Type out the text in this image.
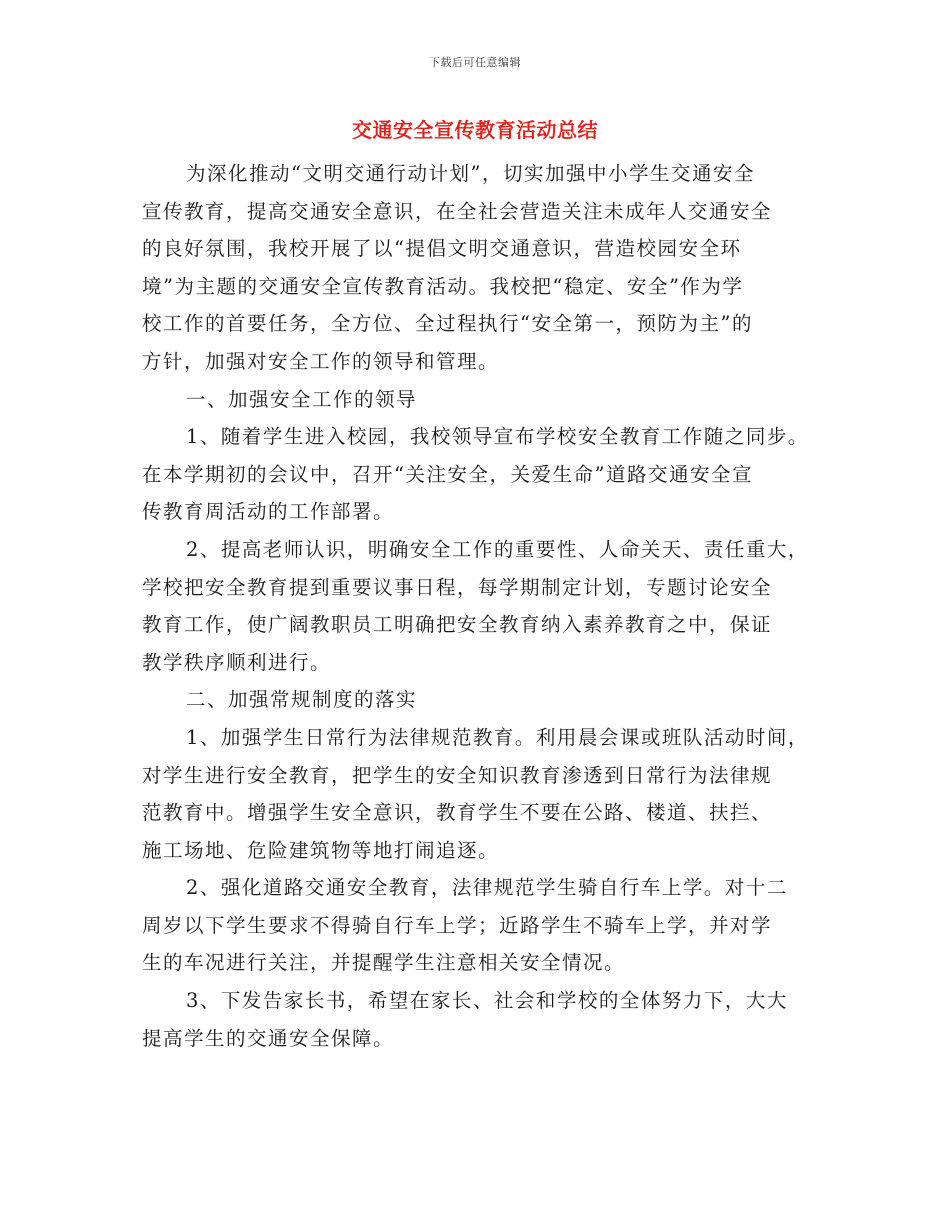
下载后可任意编辑
交通安全宣传教育活动总结
为深化推动“文明交通行动计划”，切实加强中小学生交通安全
宣传教育，提高交通安全意识，在全社会营造关注未成年人交通安全
的良好氛围，我校开展了以“提倡文明交通意识，营造校园安全环
境”为主题的交通安全宣传教育活动。我校把“稳定、安全”作为学
校工作的首要任务，全方位、全过程执行“安全第一，预防为主”的
方针，加强对安全工作的领导和管理。
一、加强安全工作的领导
1、随着学生进入校园，我校领导宣布学校安全教育工作随之同步。
在本学期初的会议中，召开“关注安全，关爱生命”道路交通安全宣
传教育周活动的工作部署。
2、提高老师认识，明确安全工作的重要性、人命关天、责任重大，
学校把安全教育提到重要议事日程，每学期制定计划，专题讨论安全
教育工作，使广阔教职员工明确把安全教育纳入素养教育之中，保证
教学秩序顺利进行。
二、加强常规制度的落实
1、加强学生日常行为法律规范教育。利用晨会课或班队活动时间，
对学生进行安全教育，把学生的安全知识教育渗透到日常行为法律规
范教育中。增强学生安全意识，教育学生不要在公路、楼道、扶拦、
施工场地、危险建筑物等地打闹追逐。
2、强化道路交通安全教育，法律规范学生骑自行车上学。对十二
周岁以下学生要求不得骑自行车上学；近路学生不骑车上学，并对学
生的车况进行关注，并提醒学生注意相关安全情况。
3、下发告家长书，希望在家长、社会和学校的全体努力下，大大
提高学生的交通安全保障。
